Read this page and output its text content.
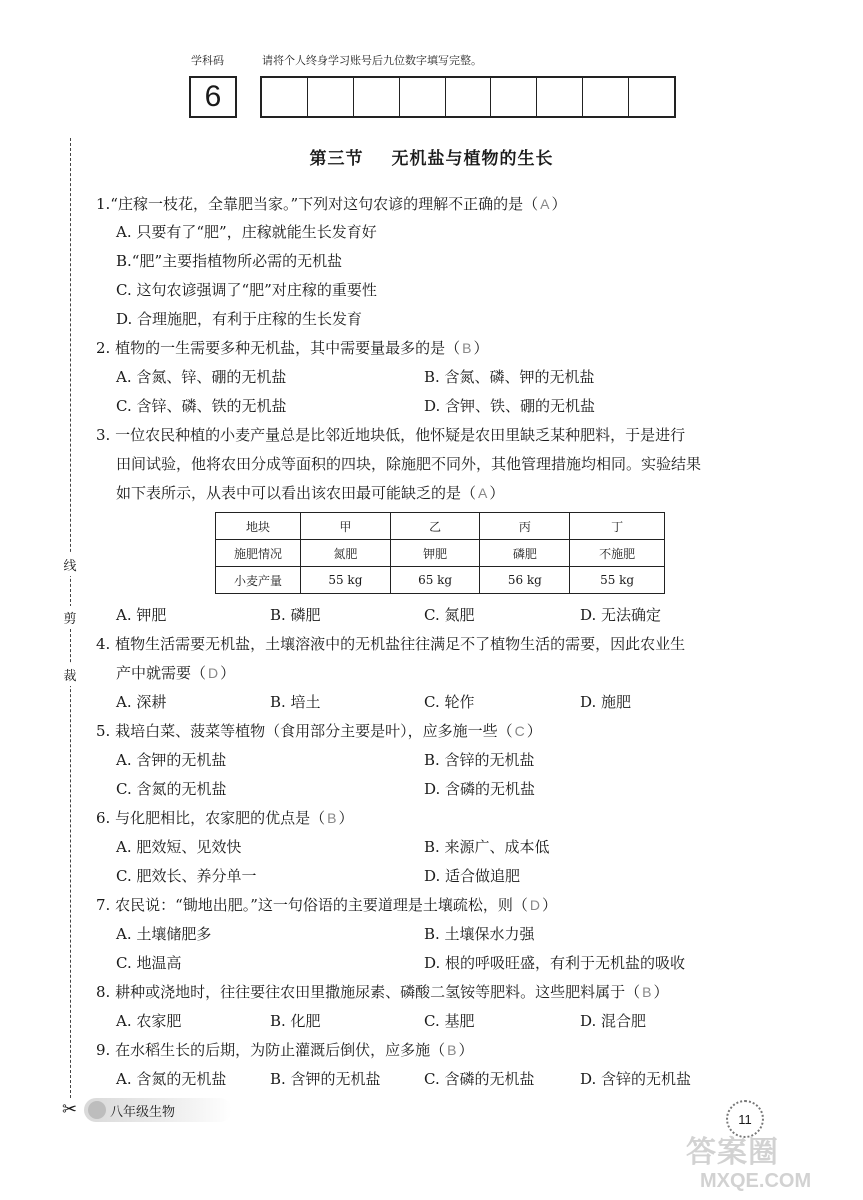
学科码	请将个人终身学习账号后九位数字填写完整。
6
第三节 无机盐与植物的生长
线
剪
裁
✂
1.“庄稼一枝花，全靠肥当家。”下列对这句农谚的理解不正确的是（ A ）
A. 只要有了“肥”，庄稼就能生长发育好
B.“肥”主要指植物所必需的无机盐
C. 这句农谚强调了“肥”对庄稼的重要性
D. 合理施肥，有利于庄稼的生长发育
2. 植物的一生需要多种无机盐，其中需要量最多的是（ B ）
A. 含氮、锌、硼的无机盐	B. 含氮、磷、钾的无机盐
C. 含锌、磷、铁的无机盐	D. 含钾、铁、硼的无机盐
3. 一位农民种植的小麦产量总是比邻近地块低，他怀疑是农田里缺乏某种肥料，于是进行
田间试验，他将农田分成等面积的四块，除施肥不同外，其他管理措施均相同。实验结果
如下表所示，从表中可以看出该农田最可能缺乏的是（ A ）
地块	甲	乙	丙	丁
施肥情况	氮肥	钾肥	磷肥	不施肥
小麦产量	55 kg	65 kg	56 kg	55 kg
A. 钾肥	B. 磷肥	C. 氮肥	D. 无法确定
4. 植物生活需要无机盐，土壤溶液中的无机盐往往满足不了植物生活的需要，因此农业生
产中就需要（ D ）
A. 深耕	B. 培土	C. 轮作	D. 施肥
5. 栽培白菜、菠菜等植物（食用部分主要是叶），应多施一些（ C ）
A. 含钾的无机盐	B. 含锌的无机盐
C. 含氮的无机盐	D. 含磷的无机盐
6. 与化肥相比，农家肥的优点是（ B ）
A. 肥效短、见效快	B. 来源广、成本低
C. 肥效长、养分单一	D. 适合做追肥
7. 农民说：“锄地出肥。”这一句俗语的主要道理是土壤疏松，则（ D ）
A. 土壤储肥多	B. 土壤保水力强
C. 地温高	D. 根的呼吸旺盛，有利于无机盐的吸收
8. 耕种或浇地时，往往要往农田里撒施尿素、磷酸二氢铵等肥料。这些肥料属于（ B ）
A. 农家肥	B. 化肥	C. 基肥	D. 混合肥
9. 在水稻生长的后期，为防止灌溉后倒伏，应多施（ B ）
A. 含氮的无机盐	B. 含钾的无机盐	C. 含磷的无机盐	D. 含锌的无机盐
八年级生物	11
答案圈
MXQE.COM
